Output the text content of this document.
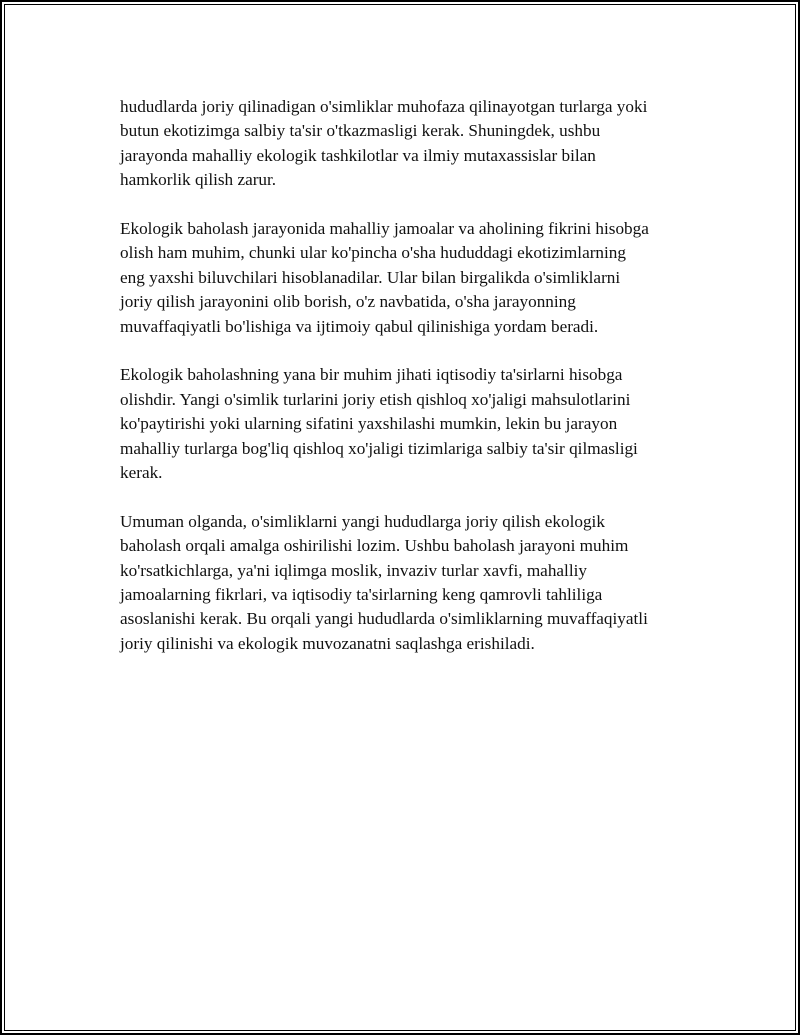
hududlarda joriy qilinadigan o'simliklar muhofaza qilinayotgan turlarga yoki
butun ekotizimga salbiy ta'sir o'tkazmasligi kerak. Shuningdek, ushbu
jarayonda mahalliy ekologik tashkilotlar va ilmiy mutaxassislar bilan
hamkorlik qilish zarur.

Ekologik baholash jarayonida mahalliy jamoalar va aholining fikrini hisobga
olish ham muhim, chunki ular ko'pincha o'sha hududdagi ekotizimlarning
eng yaxshi biluvchilari hisoblanadilar. Ular bilan birgalikda o'simliklarni
joriy qilish jarayonini olib borish, o'z navbatida, o'sha jarayonning
muvaffaqiyatli bo'lishiga va ijtimoiy qabul qilinishiga yordam beradi.

Ekologik baholashning yana bir muhim jihati iqtisodiy ta'sirlarni hisobga
olishdir. Yangi o'simlik turlarini joriy etish qishloq xo'jaligi mahsulotlarini
ko'paytirishi yoki ularning sifatini yaxshilashi mumkin, lekin bu jarayon
mahalliy turlarga bog'liq qishloq xo'jaligi tizimlariga salbiy ta'sir qilmasligi
kerak.

Umuman olganda, o'simliklarni yangi hududlarga joriy qilish ekologik
baholash orqali amalga oshirilishi lozim. Ushbu baholash jarayoni muhim
ko'rsatkichlarga, ya'ni iqlimga moslik, invaziv turlar xavfi, mahalliy
jamoalarning fikrlari, va iqtisodiy ta'sirlarning keng qamrovli tahliliga
asoslanishi kerak. Bu orqali yangi hududlarda o'simliklarning muvaffaqiyatli
joriy qilinishi va ekologik muvozanatni saqlashga erishiladi.
